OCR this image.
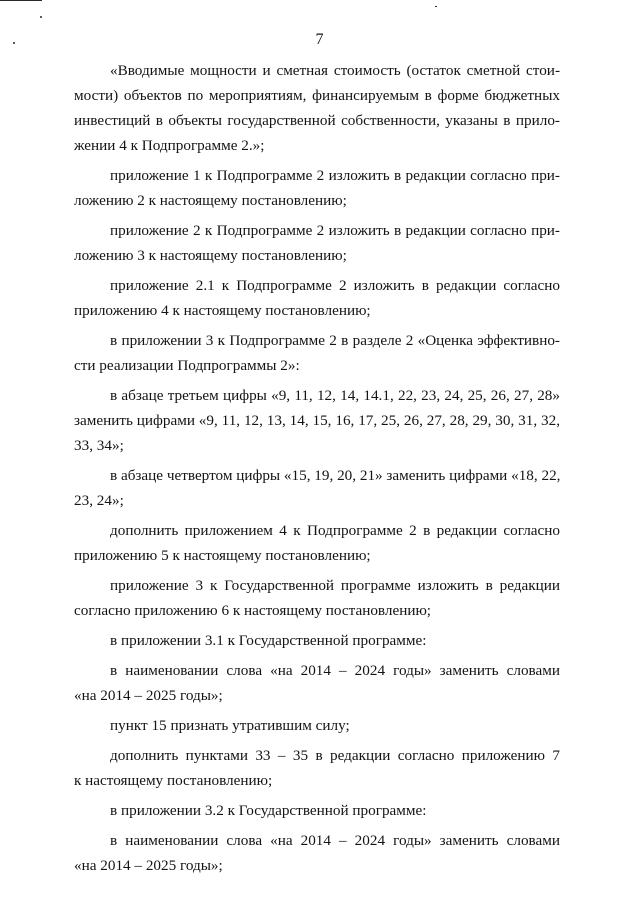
7

«Вводимые мощности и сметная стоимость (остаток сметной стои-
мости) объектов по мероприятиям, финансируемым в форме бюджетных
инвестиций в объекты государственной собственности, указаны в прило-
жении 4 к Подпрограмме 2.»;

приложение 1 к Подпрограмме 2 изложить в редакции согласно при-
ложению 2 к настоящему постановлению;

приложение 2 к Подпрограмме 2 изложить в редакции согласно при-
ложению 3 к настоящему постановлению;

приложение 2.1 к Подпрограмме 2 изложить в редакции согласно
приложению 4 к настоящему постановлению;

в приложении 3 к Подпрограмме 2 в разделе 2 «Оценка эффективно-
сти реализации Подпрограммы 2»:

в абзаце третьем цифры «9, 11, 12, 14, 14.1, 22, 23, 24, 25, 26, 27, 28»
заменить цифрами «9, 11, 12, 13, 14, 15, 16, 17, 25, 26, 27, 28, 29, 30, 31, 32,
33, 34»;

в абзаце четвертом цифры «15, 19, 20, 21» заменить цифрами «18, 22,
23, 24»;

дополнить приложением 4 к Подпрограмме 2 в редакции согласно
приложению 5 к настоящему постановлению;

приложение 3 к Государственной программе изложить в редакции
согласно приложению 6 к настоящему постановлению;

в приложении 3.1 к Государственной программе:

в наименовании слова «на 2014 – 2024 годы» заменить словами
«на 2014 – 2025 годы»;

пункт 15 признать утратившим силу;

дополнить пунктами 33 – 35 в редакции согласно приложению 7
к настоящему постановлению;

в приложении 3.2 к Государственной программе:

в наименовании слова «на 2014 – 2024 годы» заменить словами
«на 2014 – 2025 годы»;
